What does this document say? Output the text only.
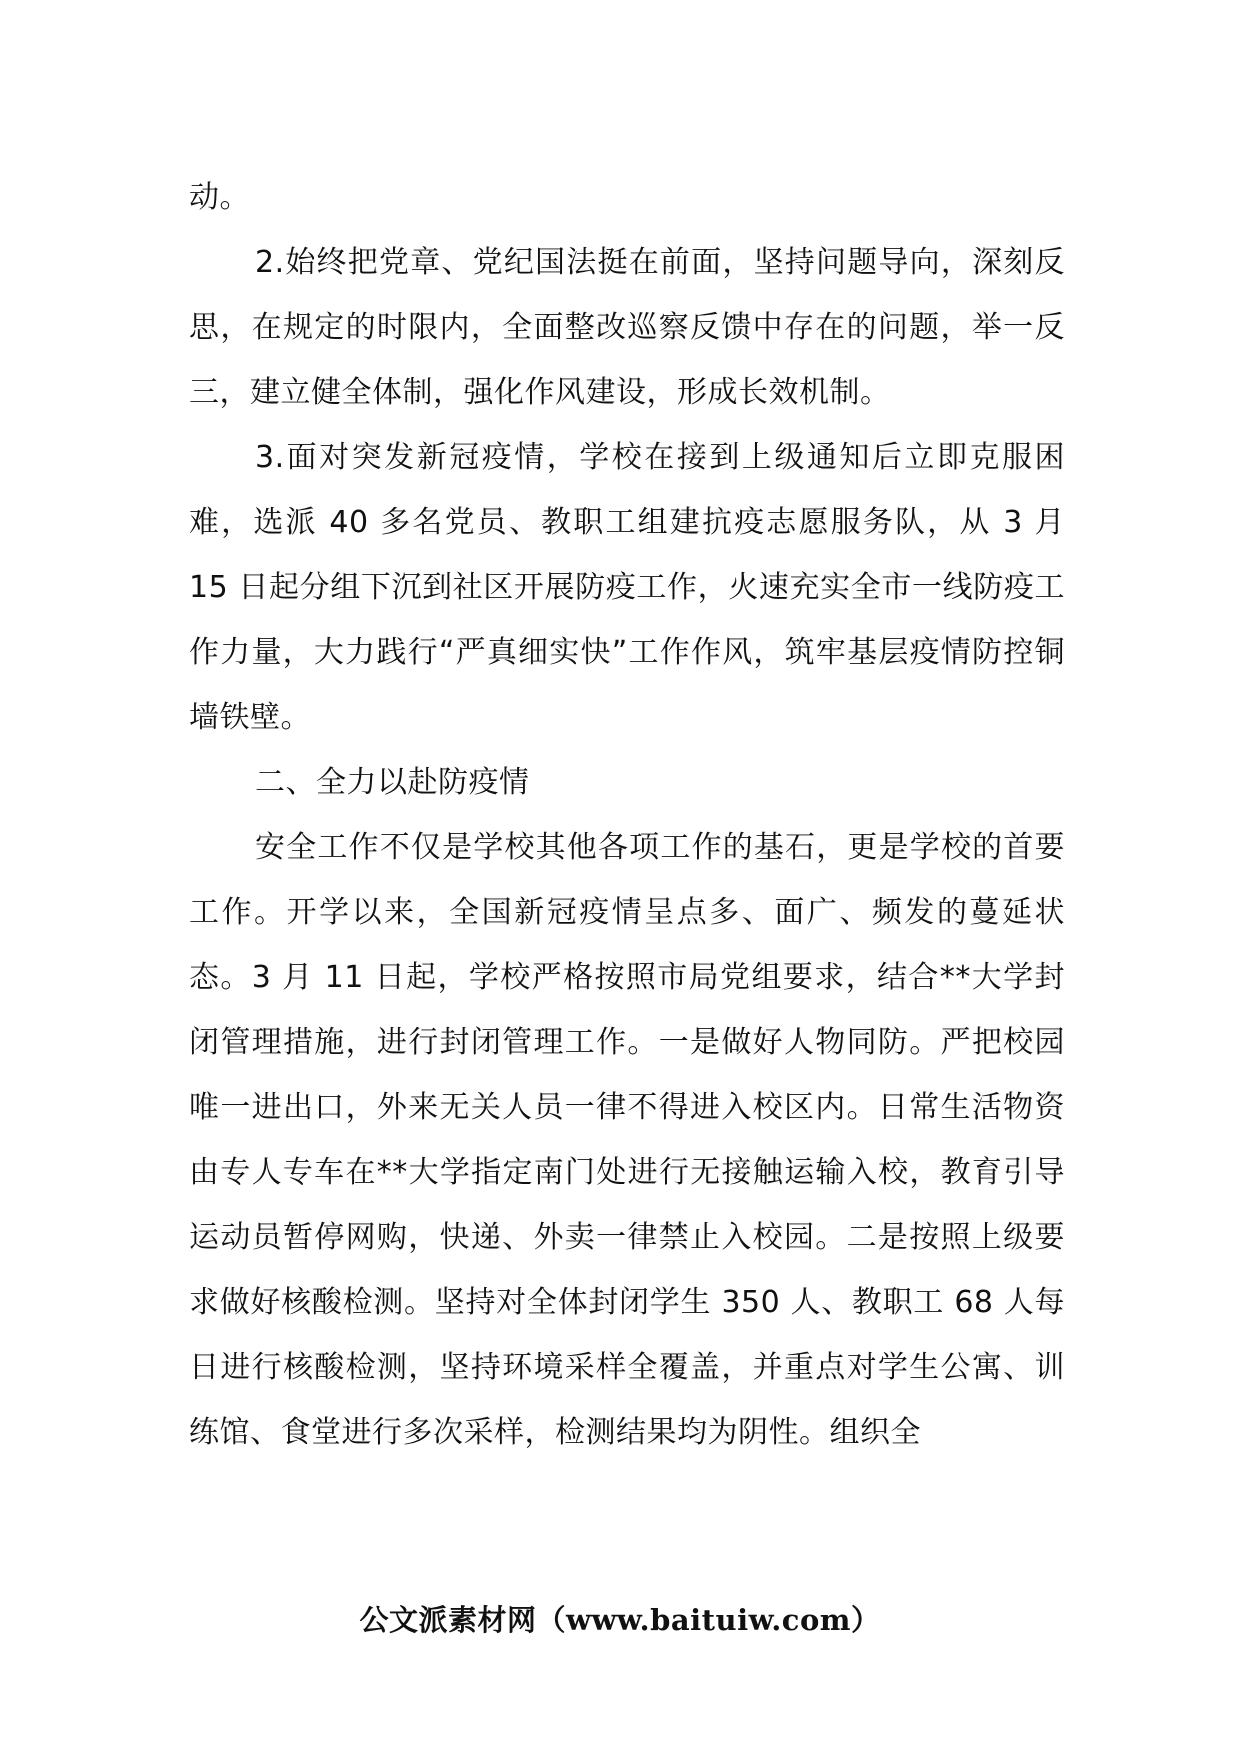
动。

2.始终把党章、党纪国法挺在前面，坚持问题导向，深刻反思，在规定的时限内，全面整改巡察反馈中存在的问题，举一反三，建立健全体制，强化作风建设，形成长效机制。

3.面对突发新冠疫情，学校在接到上级通知后立即克服困难，选派 40 多名党员、教职工组建抗疫志愿服务队，从 3 月 15 日起分组下沉到社区开展防疫工作，火速充实全市一线防疫工作力量，大力践行“严真细实快”工作作风，筑牢基层疫情防控铜墙铁壁。

二、全力以赴防疫情

安全工作不仅是学校其他各项工作的基石，更是学校的首要工作。开学以来，全国新冠疫情呈点多、面广、频发的蔓延状态。3 月 11 日起，学校严格按照市局党组要求，结合**大学封闭管理措施，进行封闭管理工作。一是做好人物同防。严把校园唯一进出口，外来无关人员一律不得进入校区内。日常生活物资由专人专车在**大学指定南门处进行无接触运输入校，教育引导运动员暂停网购，快递、外卖一律禁止入校园。二是按照上级要求做好核酸检测。坚持对全体封闭学生 350 人、教职工 68 人每日进行核酸检测，坚持环境采样全覆盖，并重点对学生公寓、训练馆、食堂进行多次采样，检测结果均为阴性。组织全

公文派素材网（www.baituiw.com）
